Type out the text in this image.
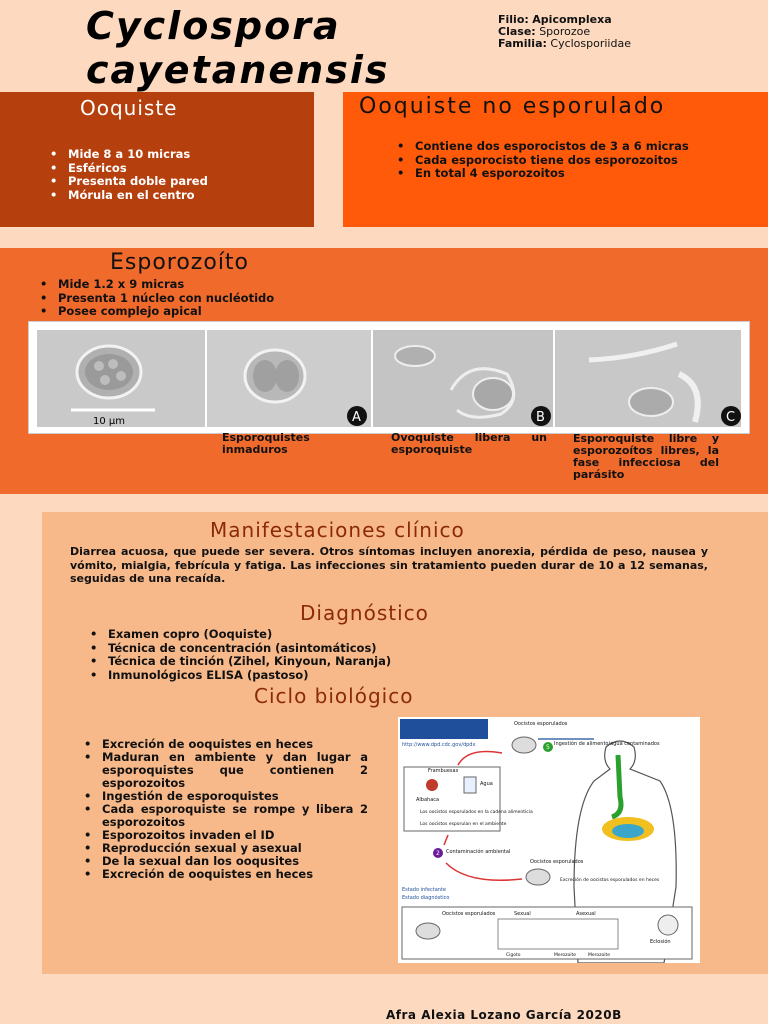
Cyclospora
cayetanensis
Filio: Apicomplexa
Clase: Sporozoe
Familia: Cyclosporiidae
Ooquiste
• Mide 8 a 10 micras
• Esféricos
• Presenta doble pared
• Mórula en el centro
Ooquiste no esporulado
• Contiene dos esporocistos de 3 a 6 micras
• Cada esporocisto tiene dos esporozoitos
• En total 4 esporozoitos
Esporozoíto
• Mide 1.2 x 9 micras
• Presenta 1 núcleo con nucléotido
• Posee complejo apical
10 µm	A	B	C
Esporoquistes inmaduros
Ovoquiste libera un esporoquiste
Esporoquiste libre y esporozoítos libres, la fase infecciosa del parásito
Manifestaciones clínico
Diarrea acuosa, que puede ser severa. Otros síntomas incluyen anorexia, pérdida de peso, nausea y vómito, mialgia, febrícula y fatiga. Las infecciones sin tratamiento pueden durar de 10 a 12 semanas, seguidas de una recaída.
Diagnóstico
• Examen copro (Ooquiste)
• Técnica de concentración (asintomáticos)
• Técnica de tinción (Zihel, Kinyoun, Naranja)
• Inmunológicos ELISA (pastoso)
Ciclo biológico
• Excreción de ooquistes en heces
• Maduran en ambiente y dan lugar a esporoquistes que contienen 2 esporozoitos
• Ingestión de esporoquistes
• Cada esporoquiste se rompe y libera 2 esporozoitos
• Esporozoitos invaden el ID
• Reproducción sexual y asexual
• De la sexual dan los ooqusites
• Excreción de ooquistes en heces
http://www.dpd.cdc.gov/dpdx
Oocistos esporulados
5 Ingestión de alimento/agua contaminados
Frambuesas
Agua
Albahaca
Los oocistos esporulados en la cadena alimenticia
Los oocistos esporulan en el ambiente
2 Contaminación ambiental
Oocistos esporulados
Excreción de oocistos esporulados en heces
Estado infectante
Estado diagnóstico
Oocistos esporulados	Sexual	Asexual
Eclosión
Cigoto	Merozoite	Merozoite
Afra Alexia Lozano García 2020B
